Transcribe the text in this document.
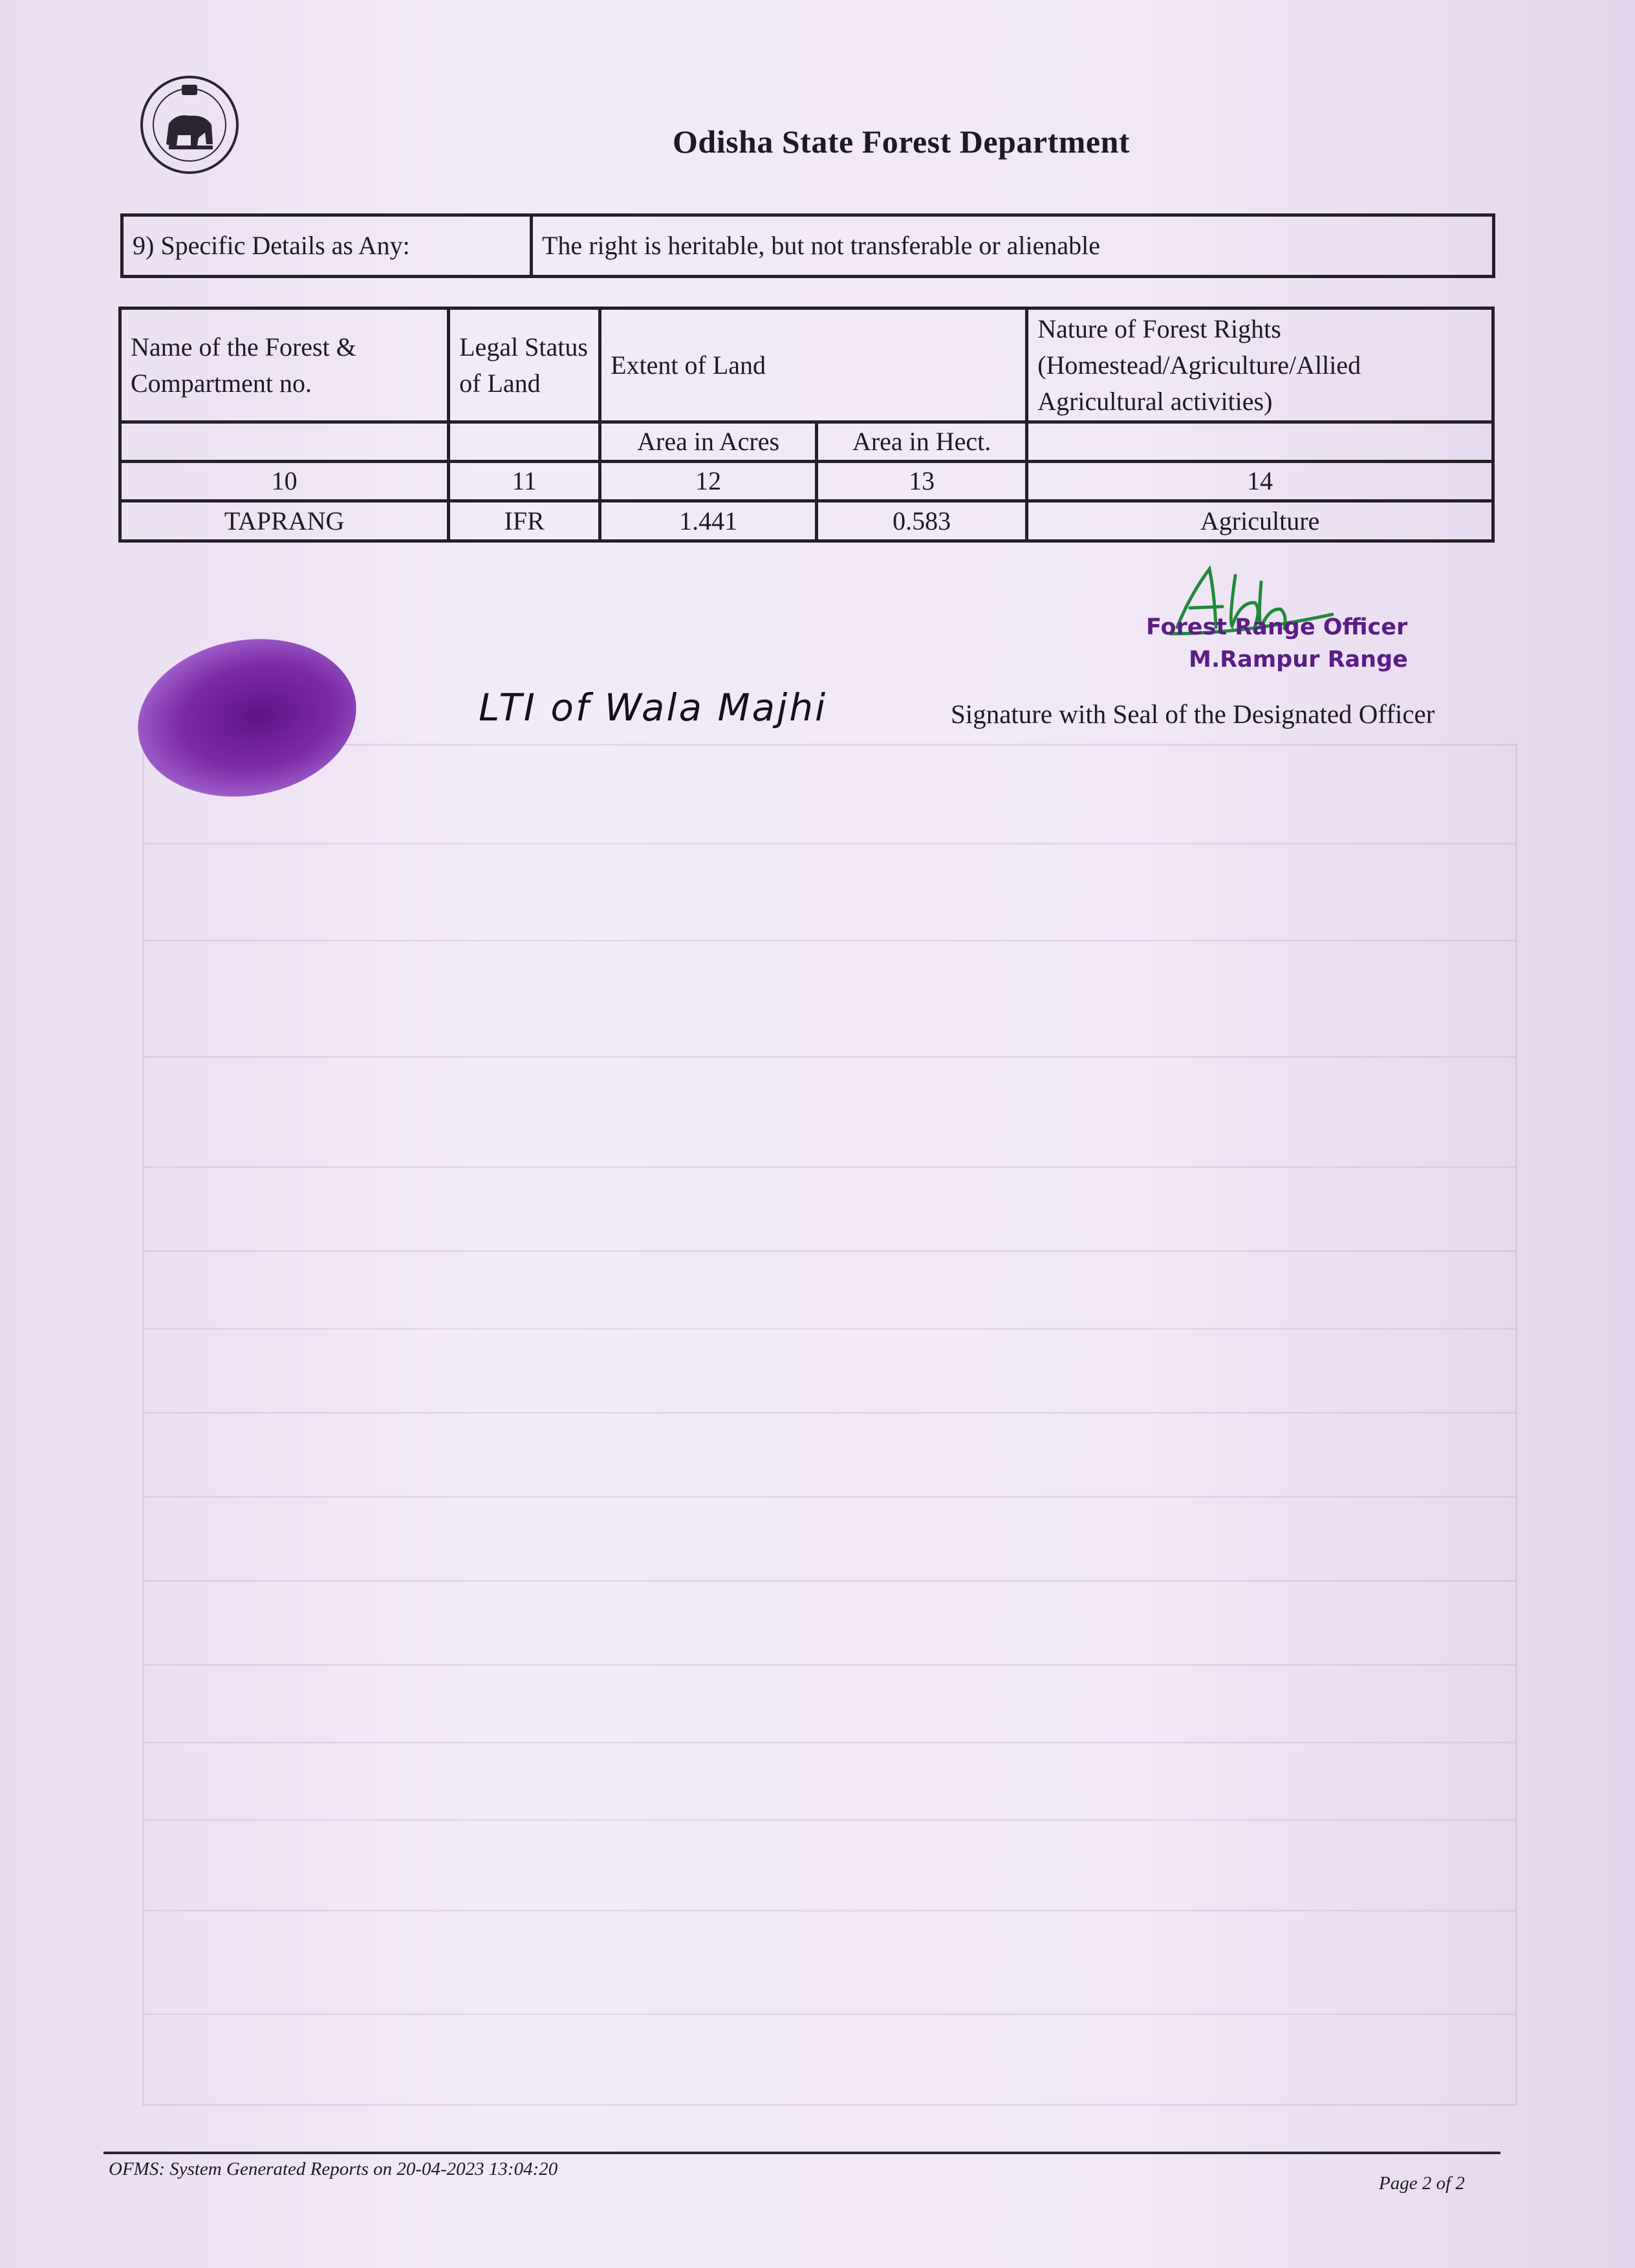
Odisha State Forest Department
9) Specific Details as Any:	The right is heritable, but not transferable or alienable
Name of the Forest & Compartment no.	Legal Status of Land	Extent of Land		Nature of Forest Rights (Homestead/Agriculture/Allied Agricultural activities)
		Area in Acres	Area in Hect.	
10	11	12	13	14
TAPRANG	IFR	1.441	0.583	Agriculture
Forest Range Officer
M.Rampur Range
LTI of Wala Majhi	Signature with Seal of the Designated Officer
OFMS: System Generated Reports on 20-04-2023 13:04:20
Page 2 of 2
